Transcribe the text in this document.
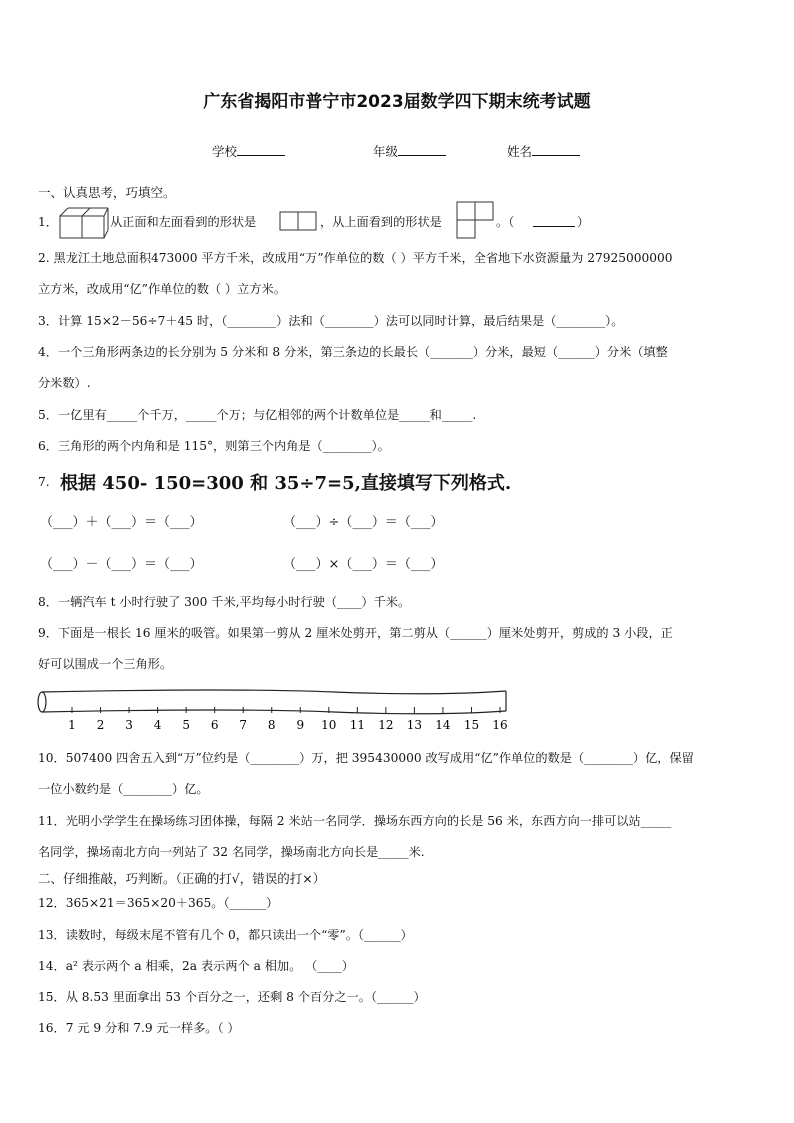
广东省揭阳市普宁市2023届数学四下期末统考试题
学校	年级	姓名
一、认真思考，巧填空。
1．	从正面和左面看到的形状是	，从上面看到的形状是	。（	）
2. 黑龙江土地总面积473000 平方千米，改成用“万”作单位的数（ ）平方千米，全省地下水资源量为 27925000000
立方米，改成用“亿”作单位的数（ ）立方米。
3．计算 15×2－56÷7＋45 时，（________）法和（________）法可以同时计算，最后结果是（________）。
4．一个三角形两条边的长分别为 5 分米和 8 分米，第三条边的长最长（_______）分米，最短（______）分米（填整
分米数）.
5．一亿里有_____个千万，_____个万；与亿相邻的两个计数单位是_____和_____.
6．三角形的两个内角和是 115°，则第三个内角是（________）。
7. 根据 450- 150=300 和 35÷7=5,直接填写下列格式.
（___）＋（___）＝（___）	（___）÷（___）＝（___）
（___）－（___）＝（___）	（___）×（___）＝（___）
8．一辆汽车 t 小时行驶了 300 千米,平均每小时行驶（____）千米。
9．下面是一根长 16 厘米的吸管。如果第一剪从 2 厘米处剪开，第二剪从（______）厘米处剪开，剪成的 3 小段，正
好可以围成一个三角形。
1 2 3 4 5 6 7 8 9 10 11 12 13 14 15 16
10．507400 四舍五入到“万”位约是（________）万，把 395430000 改写成用“亿”作单位的数是（________）亿，保留
一位小数约是（________）亿。
11．光明小学学生在操场练习团体操，每隔 2 米站一名同学．操场东西方向的长是 56 米，东西方向一排可以站_____
名同学，操场南北方向一列站了 32 名同学，操场南北方向长是_____米.
二、仔细推敲，巧判断。（正确的打√，错误的打×）
12．365×21＝365×20＋365。（______）
13．读数时，每级末尾不管有几个 0，都只读出一个“零”。（______）
14．a² 表示两个 a 相乘，2a 表示两个 a 相加。 （____）
15．从 8.53 里面拿出 53 个百分之一，还剩 8 个百分之一。（______）
16．7 元 9 分和 7.9 元一样多。（ ）
